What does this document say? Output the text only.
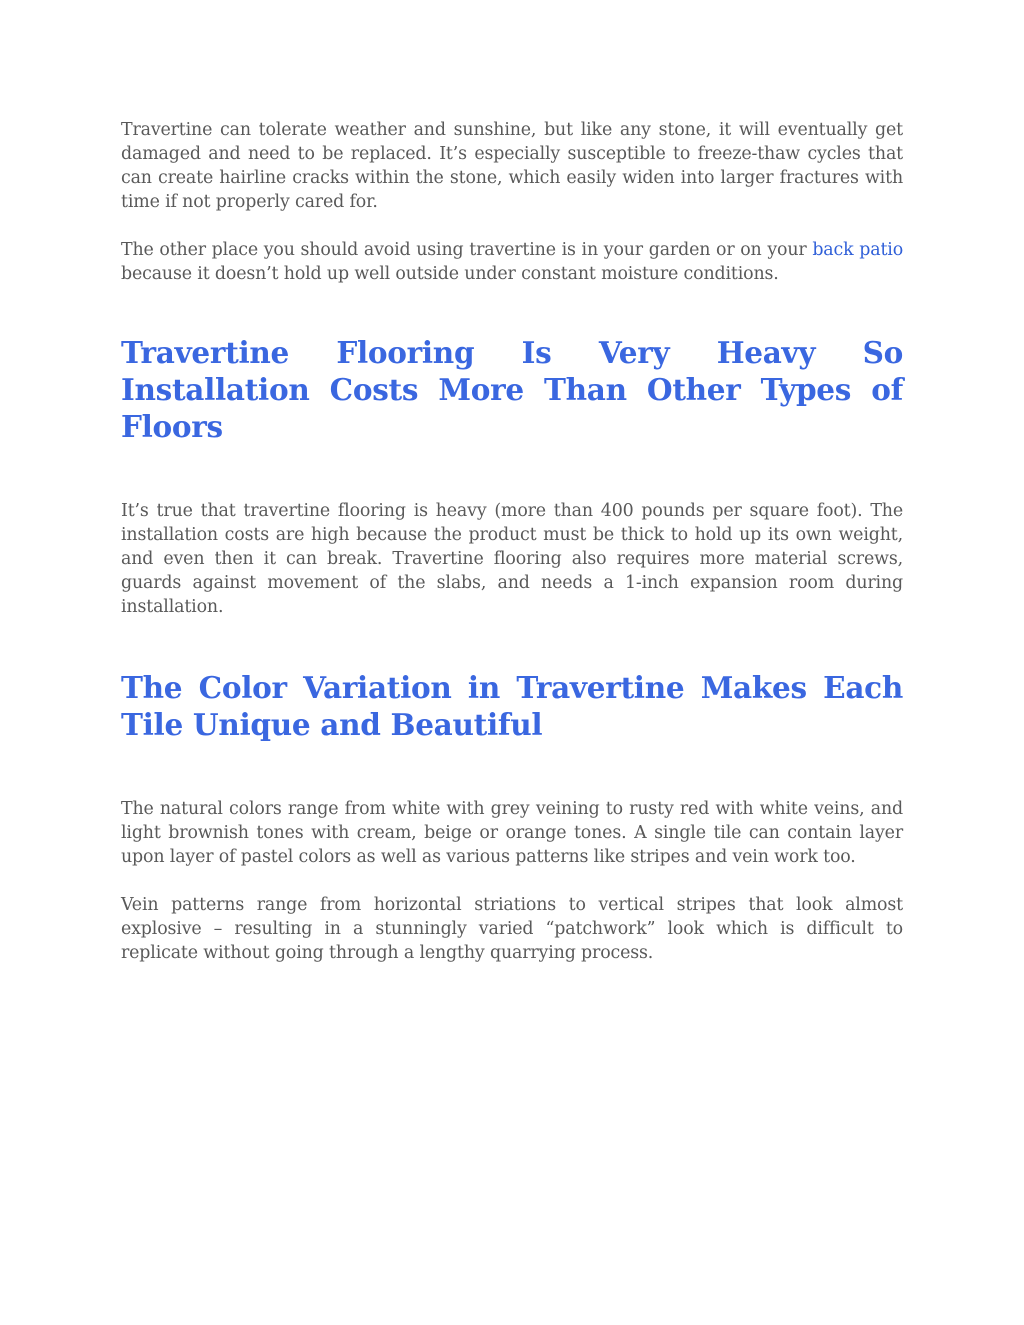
Travertine can tolerate weather and sunshine, but like any stone, it will eventually get damaged and need to be replaced. It’s especially susceptible to freeze-thaw cycles that can create hairline cracks within the stone, which easily widen into larger fractures with time if not properly cared for.

The other place you should avoid using travertine is in your garden or on your back patio because it doesn’t hold up well outside under constant moisture conditions.

Travertine Flooring Is Very Heavy So Installation Costs More Than Other Types of Floors

It’s true that travertine flooring is heavy (more than 400 pounds per square foot). The installation costs are high because the product must be thick to hold up its own weight, and even then it can break. Travertine flooring also requires more material screws, guards against movement of the slabs, and needs a 1-inch expansion room during installation.

The Color Variation in Travertine Makes Each Tile Unique and Beautiful

The natural colors range from white with grey veining to rusty red with white veins, and light brownish tones with cream, beige or orange tones. A single tile can contain layer upon layer of pastel colors as well as various patterns like stripes and vein work too.

Vein patterns range from horizontal striations to vertical stripes that look almost explosive – resulting in a stunningly varied “patchwork” look which is difficult to replicate without going through a lengthy quarrying process.
